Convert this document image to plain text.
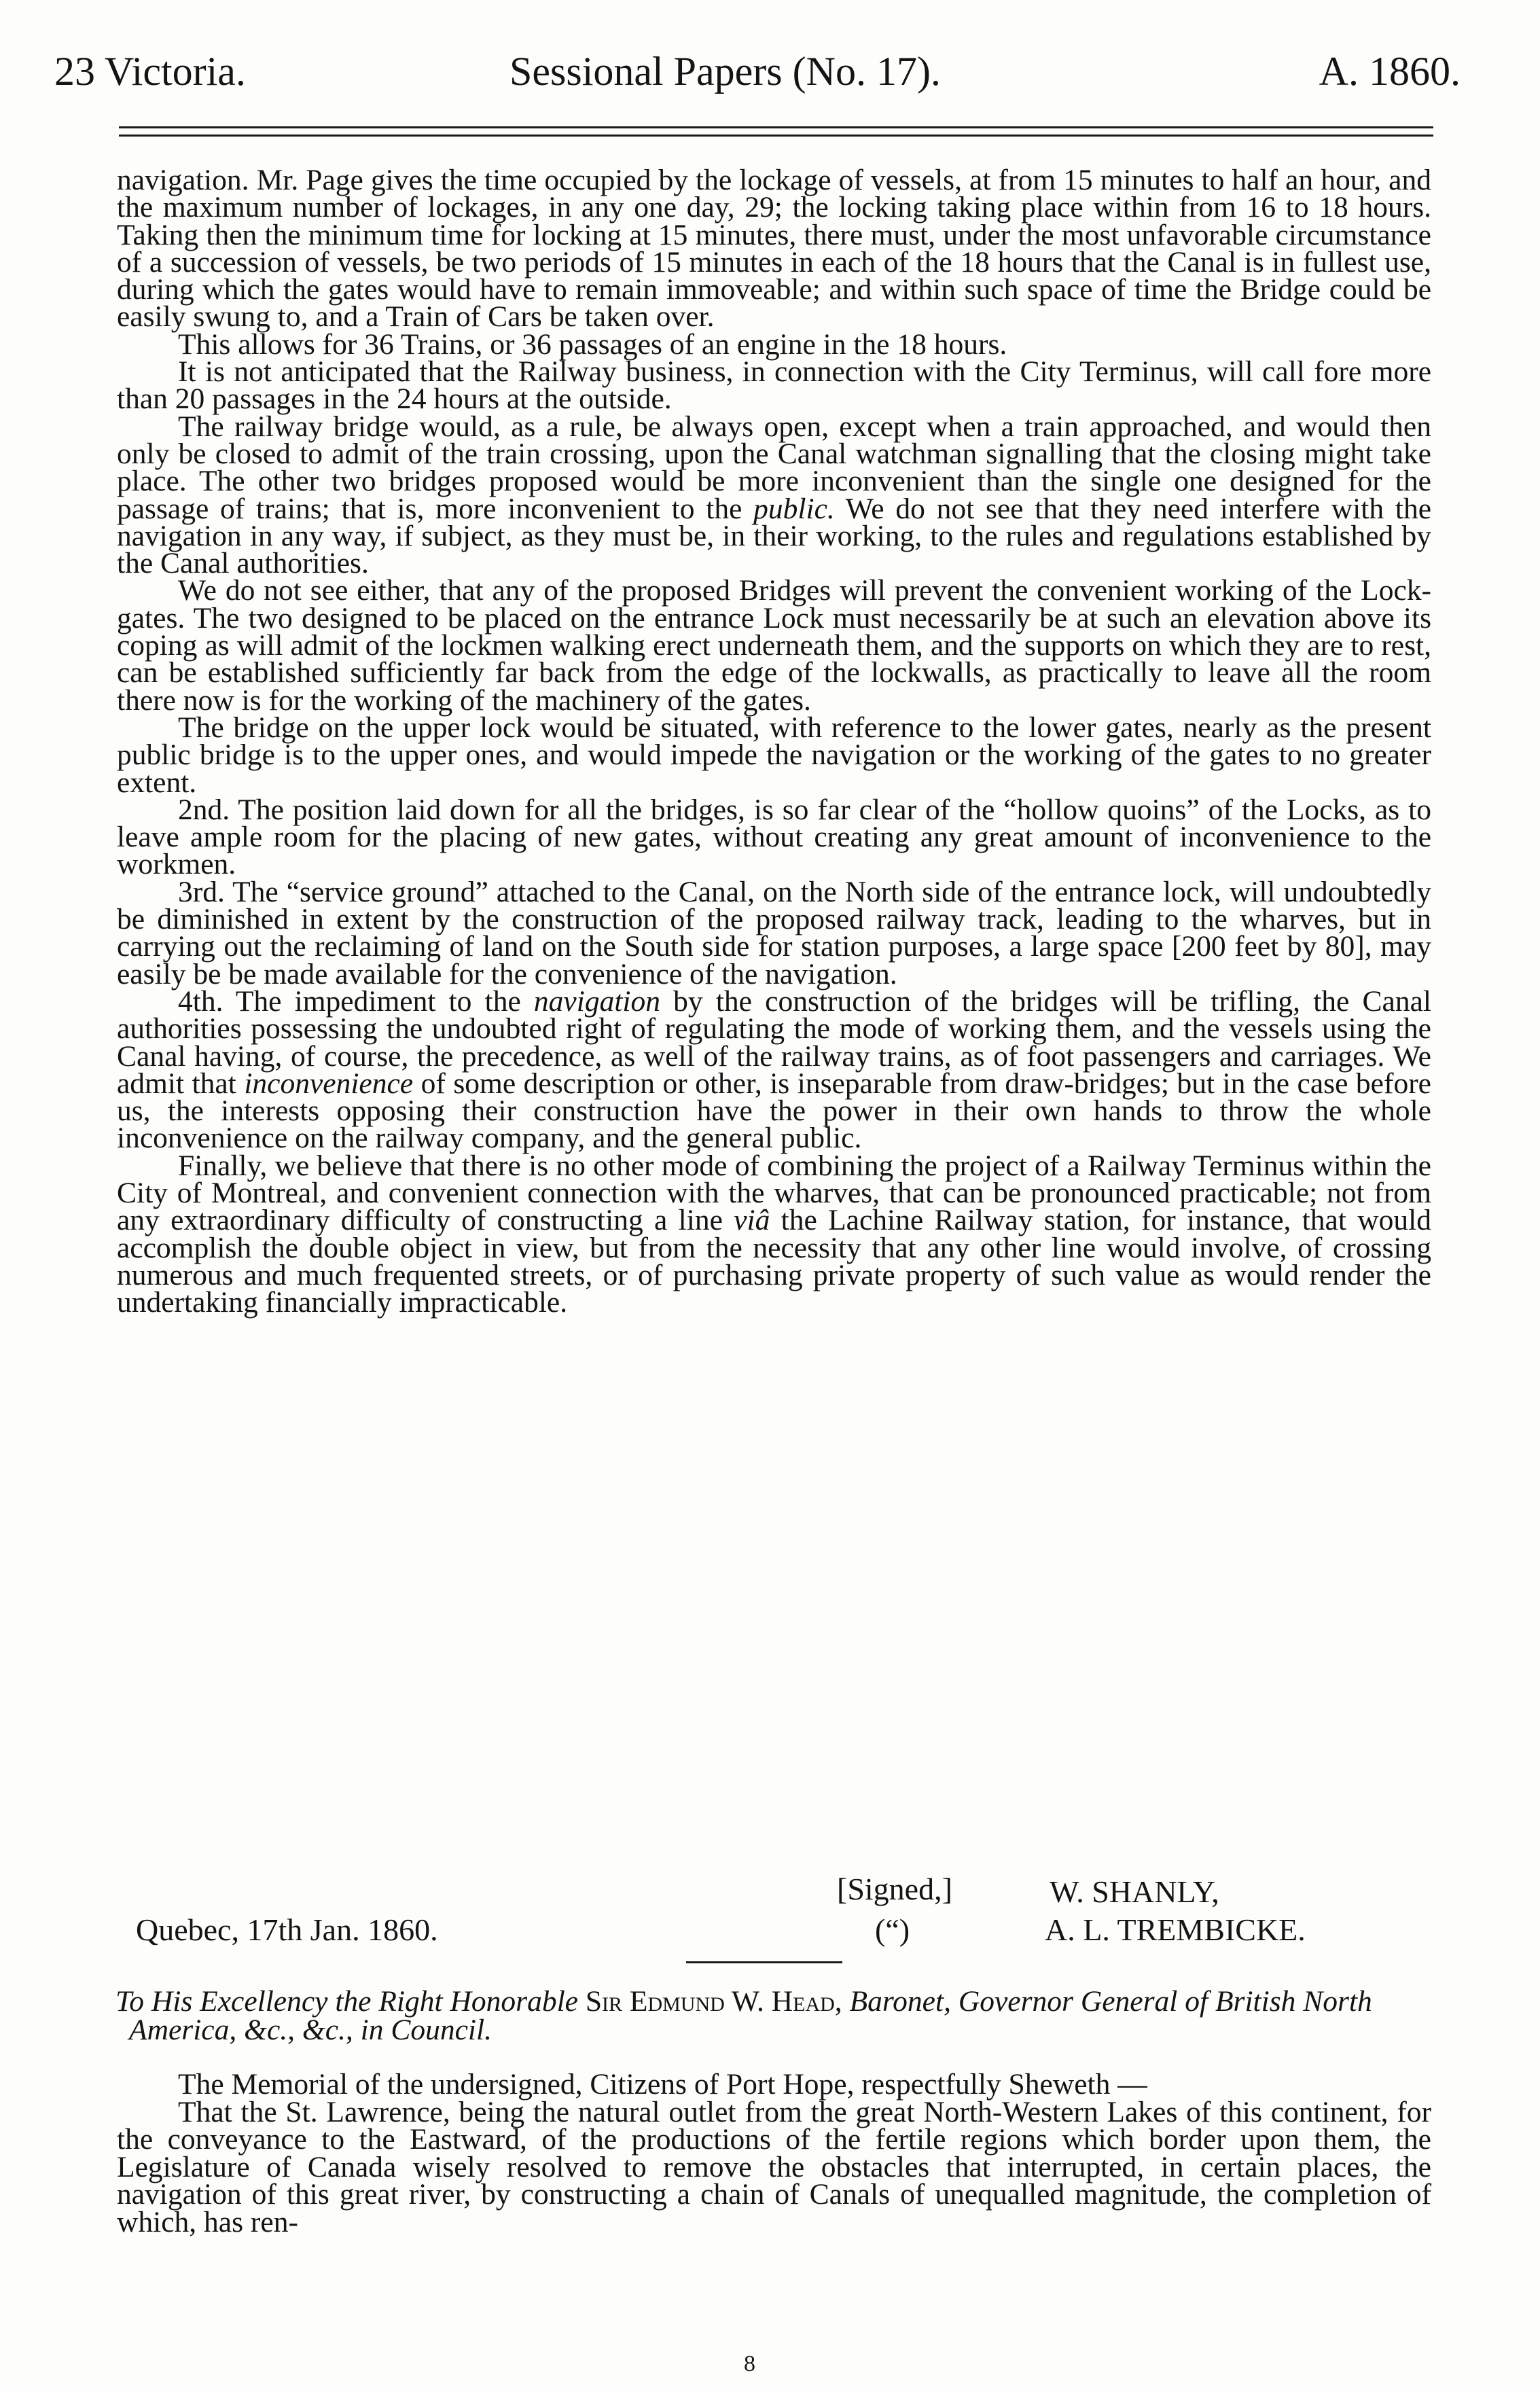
23 Victoria.	Sessional Papers (No. 17).	A. 1860.

navigation. Mr. Page gives the time occupied by the lockage of vessels, at from 15 minutes to half an hour, and the maximum number of lockages, in any one day, 29; the locking taking place within from 16 to 18 hours. Taking then the minimum time for locking at 15 minutes, there must, under the most unfavorable circumstance of a succession of vessels, be two periods of 15 minutes in each of the 18 hours that the Canal is in fullest use, during which the gates would have to remain immoveable; and within such space of time the Bridge could be easily swung to, and a Train of Cars be taken over.

This allows for 36 Trains, or 36 passages of an engine in the 18 hours.

It is not anticipated that the Railway business, in connection with the City Terminus, will call fore more than 20 passages in the 24 hours at the outside.

The railway bridge would, as a rule, be always open, except when a train approached, and would then only be closed to admit of the train crossing, upon the Canal watchman signalling that the closing might take place. The other two bridges proposed would be more inconvenient than the single one designed for the passage of trains; that is, more inconvenient to the public. We do not see that they need interfere with the navigation in any way, if subject, as they must be, in their working, to the rules and regulations established by the Canal authorities.

We do not see either, that any of the proposed Bridges will prevent the convenient working of the Lock-gates. The two designed to be placed on the entrance Lock must necessarily be at such an elevation above its coping as will admit of the lockmen walking erect underneath them, and the supports on which they are to rest, can be established sufficiently far back from the edge of the lockwalls, as practically to leave all the room there now is for the working of the machinery of the gates.

The bridge on the upper lock would be situated, with reference to the lower gates, nearly as the present public bridge is to the upper ones, and would impede the navigation or the working of the gates to no greater extent.

2nd. The position laid down for all the bridges, is so far clear of the “hollow quoins” of the Locks, as to leave ample room for the placing of new gates, without creating any great amount of inconvenience to the workmen.

3rd. The “service ground” attached to the Canal, on the North side of the entrance lock, will undoubtedly be diminished in extent by the construction of the proposed railway track, leading to the wharves, but in carrying out the reclaiming of land on the South side for station purposes, a large space [200 feet by 80], may easily be be made available for the convenience of the navigation.

4th. The impediment to the navigation by the construction of the bridges will be trifling, the Canal authorities possessing the undoubted right of regulating the mode of working them, and the vessels using the Canal having, of course, the precedence, as well of the railway trains, as of foot passengers and carriages. We admit that inconvenience of some description or other, is inseparable from draw-bridges; but in the case before us, the interests opposing their construction have the power in their own hands to throw the whole inconvenience on the railway company, and the general public.

Finally, we believe that there is no other mode of combining the project of a Railway Terminus within the City of Montreal, and convenient connection with the wharves, that can be pronounced practicable; not from any extraordinary difficulty of constructing a line viâ the Lachine Railway station, for instance, that would accomplish the double object in view, but from the necessity that any other line would involve, of crossing numerous and much frequented streets, or of purchasing private property of such value as would render the undertaking financially impracticable.

[Signed,]	W. SHANLY,
Quebec, 17th Jan. 1860.	(“)	A. L. TREMBICKE.
To His Excellency the Right Honorable Sir Edmund W. Head, Baronet, Governor General of British North America, &c., &c., in Council.

The Memorial of the undersigned, Citizens of Port Hope, respectfully Sheweth —

That the St. Lawrence, being the natural outlet from the great North-Western Lakes of this continent, for the conveyance to the Eastward, of the productions of the fertile regions which border upon them, the Legislature of Canada wisely resolved to remove the obstacles that interrupted, in certain places, the navigation of this great river, by constructing a chain of Canals of unequalled magnitude, the completion of which, has ren-

8
